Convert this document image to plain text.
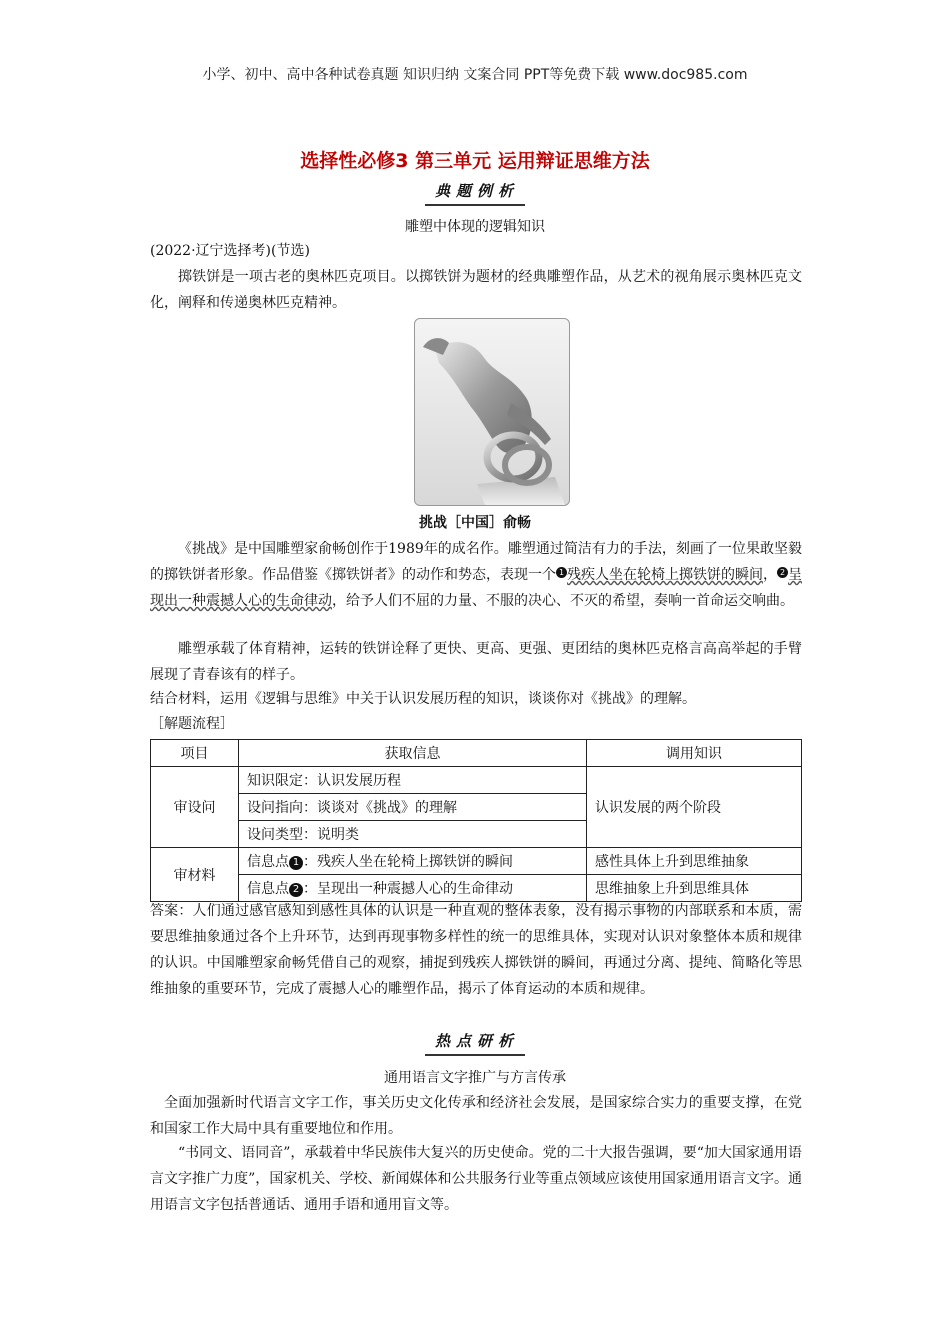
小学、初中、高中各种试卷真题 知识归纳 文案合同 PPT等免费下载 www.doc985.com
选择性必修3 第三单元 运用辩证思维方法
典题例析
雕塑中体现的逻辑知识
(2022·辽宁选择考)(节选)
掷铁饼是一项古老的奥林匹克项目。以掷铁饼为题材的经典雕塑作品，从艺术的视角展示奥林匹克文化，阐释和传递奥林匹克精神。
挑战［中国］俞畅
《挑战》是中国雕塑家俞畅创作于1989年的成名作。雕塑通过简洁有力的手法，刻画了一位果敢坚毅的掷铁饼者形象。作品借鉴《掷铁饼者》的动作和势态，表现一个 1 残疾人坐在轮椅上掷铁饼的瞬间， 2 呈现出一种震撼人心的生命律动，给予人们不屈的力量、不服的决心、不灭的希望，奏响一首命运交响曲。
雕塑承载了体育精神，运转的铁饼诠释了更快、更高、更强、更团结的奥林匹克格言高高举起的手臂展现了青春该有的样子。
结合材料，运用《逻辑与思维》中关于认识发展历程的知识，谈谈你对《挑战》的理解。
［解题流程］
项目	获取信息	调用知识
审设问	知识限定：认识发展历程	认识发展的两个阶段
	设问指向：谈谈对《挑战》的理解	
	设问类型：说明类	
审材料	信息点 1 ：残疾人坐在轮椅上掷铁饼的瞬间	感性具体上升到思维抽象
	信息点 2 ：呈现出一种震撼人心的生命律动	思维抽象上升到思维具体
答案：人们通过感官感知到感性具体的认识是一种直观的整体表象，没有揭示事物的内部联系和本质，需要思维抽象通过各个上升环节，达到再现事物多样性的统一的思维具体，实现对认识对象整体本质和规律的认识。中国雕塑家俞畅凭借自己的观察，捕捉到残疾人掷铁饼的瞬间，再通过分离、提纯、简略化等思维抽象的重要环节，完成了震撼人心的雕塑作品，揭示了体育运动的本质和规律。
热点研析
通用语言文字推广与方言传承
全面加强新时代语言文字工作，事关历史文化传承和经济社会发展，是国家综合实力的重要支撑，在党和国家工作大局中具有重要地位和作用。
“书同文、语同音”，承载着中华民族伟大复兴的历史使命。党的二十大报告强调，要“加大国家通用语言文字推广力度”，国家机关、学校、新闻媒体和公共服务行业等重点领域应该使用国家通用语言文字。通用语言文字包括普通话、通用手语和通用盲文等。
